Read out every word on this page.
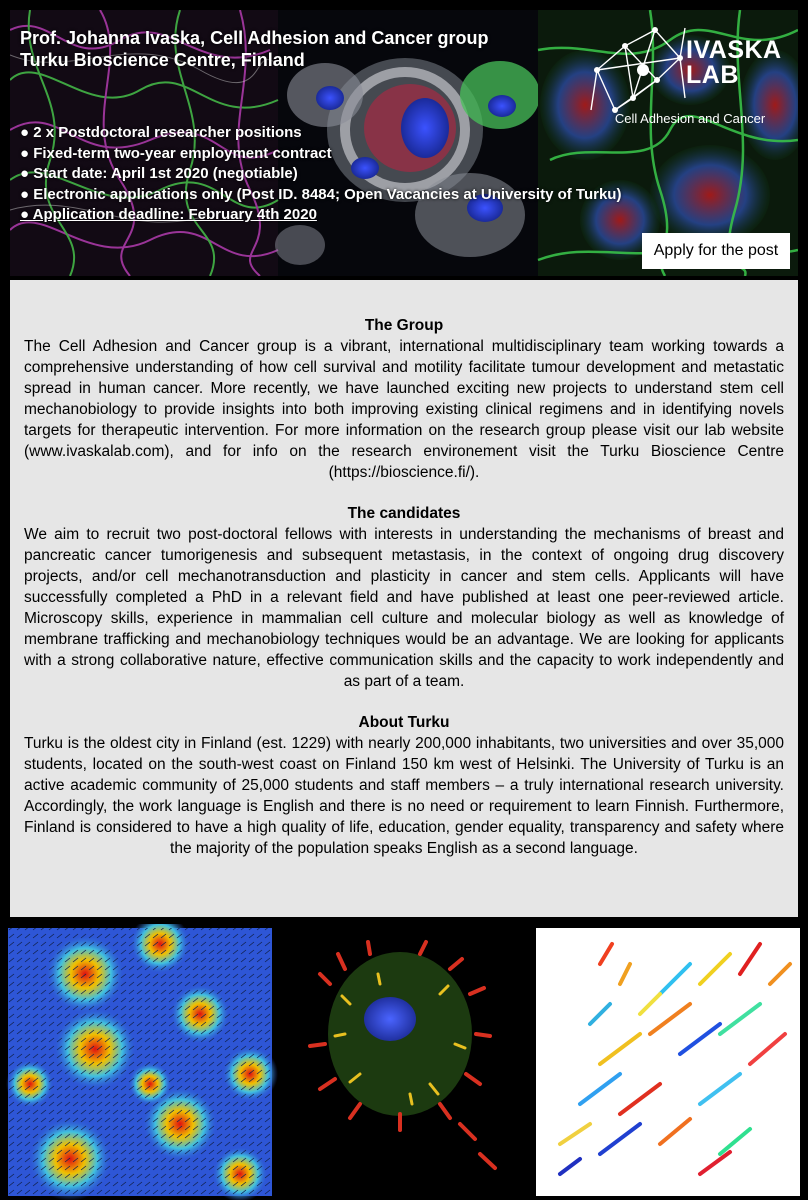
Prof. Johanna Ivaska, Cell Adhesion and Cancer group
Turku Bioscience Centre, Finland
● 2 x Postdoctoral researcher positions
● Fixed-term two-year employment contract
● Start date: April 1st 2020 (negotiable)
● Electronic applications only (Post ID. 8484; Open Vacancies at University of Turku)
● Application deadline: February 4th 2020
IVASKA
LAB
Cell Adhesion and Cancer
Apply for the post
The Group

The Cell Adhesion and Cancer group is a vibrant, international multidisciplinary team working towards a comprehensive understanding of how cell survival and motility facilitate tumour development and metastatic spread in human cancer. More recently, we have launched exciting new projects to understand stem cell mechanobiology to provide insights into both improving existing clinical regimens and in identifying novels targets for therapeutic intervention. For more information on the research group please visit our lab website (www.ivaskalab.com), and for info on the research environement visit the Turku Bioscience Centre (https://bioscience.fi/).

The candidates

We aim to recruit two post-doctoral fellows with interests in understanding the mechanisms of breast and pancreatic cancer tumorigenesis and subsequent metastasis, in the context of ongoing drug discovery projects, and/or cell mechanotransduction and plasticity in cancer and stem cells. Applicants will have successfully completed a PhD in a relevant field and have published at least one peer-reviewed article. Microscopy skills, experience in mammalian cell culture and molecular biology as well as knowledge of membrane trafficking and mechanobiology techniques would be an advantage. We are looking for applicants with a strong collaborative nature, effective communication skills and the capacity to work independently and as part of a team.

About Turku

Turku is the oldest city in Finland (est. 1229) with nearly 200,000 inhabitants, two universities and over 35,000 students, located on the south-west coast on Finland 150 km west of Helsinki. The University of Turku is an active academic community of 25,000 students and staff members – a truly international research university. Accordingly, the work language is English and there is no need or requirement to learn Finnish. Furthermore, Finland is considered to have a high quality of life, education, gender equality, transparency and safety where the majority of the population speaks English as a second language.
